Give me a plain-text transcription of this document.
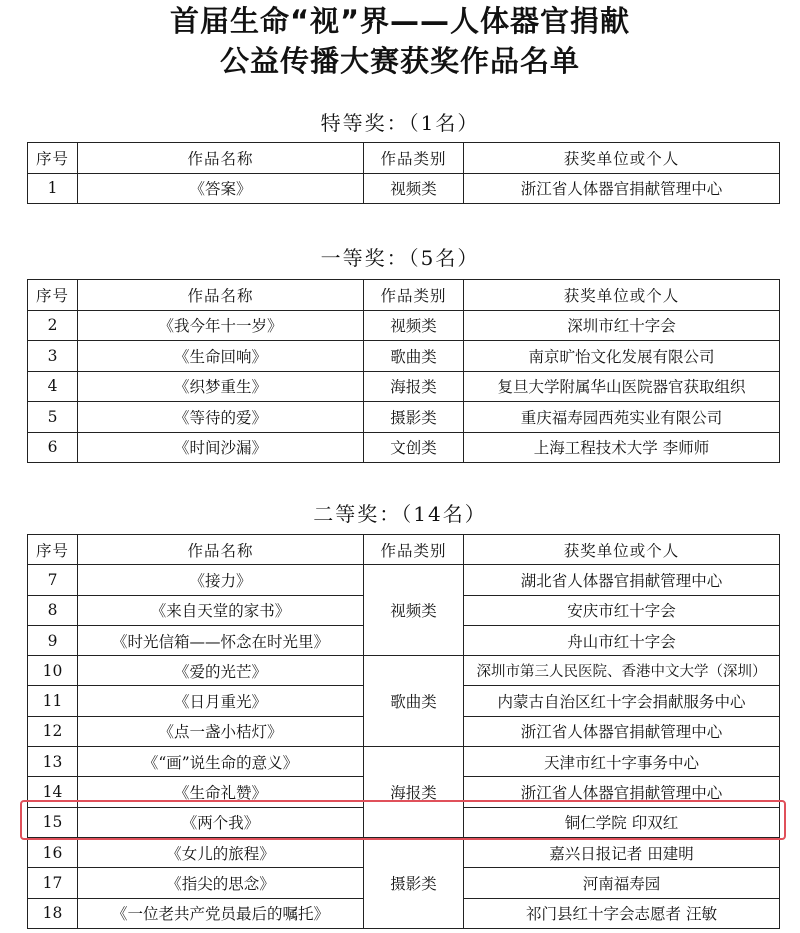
首届生命“视”界——人体器官捐献
公益传播大赛获奖作品名单
特等奖：（1名）
序号	作品名称	作品类别	获奖单位或个人
1	《答案》	视频类	浙江省人体器官捐献管理中心
一等奖：（5名）
序号	作品名称	作品类别	获奖单位或个人
2	《我今年十一岁》	视频类	深圳市红十字会
3	《生命回响》	歌曲类	南京旷怡文化发展有限公司
4	《织梦重生》	海报类	复旦大学附属华山医院器官获取组织
5	《等待的爱》	摄影类	重庆福寿园西苑实业有限公司
6	《时间沙漏》	文创类	上海工程技术大学 李师师
二等奖：（14名）
序号	作品名称	作品类别	获奖单位或个人
7	《接力》	视频类	湖北省人体器官捐献管理中心
8	《来自天堂的家书》		安庆市红十字会
9	《时光信箱——怀念在时光里》		舟山市红十字会
10	《爱的光芒》	歌曲类	深圳市第三人民医院、香港中文大学（深圳）
11	《日月重光》		内蒙古自治区红十字会捐献服务中心
12	《点一盏小桔灯》		浙江省人体器官捐献管理中心
13	《“画”说生命的意义》	海报类	天津市红十字事务中心
14	《生命礼赞》		浙江省人体器官捐献管理中心
15	《两个我》		铜仁学院 印双红
16	《女儿的旅程》	摄影类	嘉兴日报记者 田建明
17	《指尖的思念》		河南福寿园
18	《一位老共产党员最后的嘱托》		祁门县红十字会志愿者 汪敏
